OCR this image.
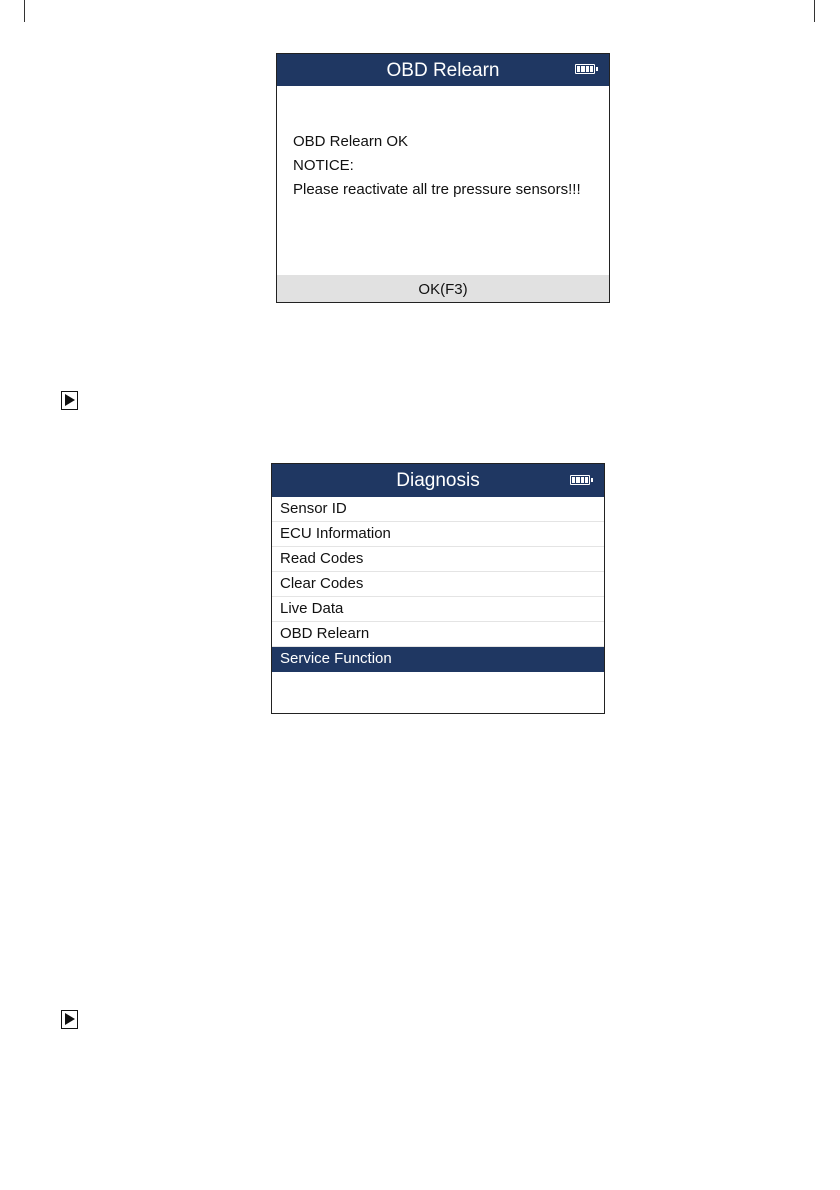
OBD Relearn
OBD Relearn OK
NOTICE:
Please reactivate all tre pressure sensors!!!
OK(F3)
Diagnosis
Sensor ID
ECU Information
Read Codes
Clear Codes
Live Data
OBD Relearn
Service Function
